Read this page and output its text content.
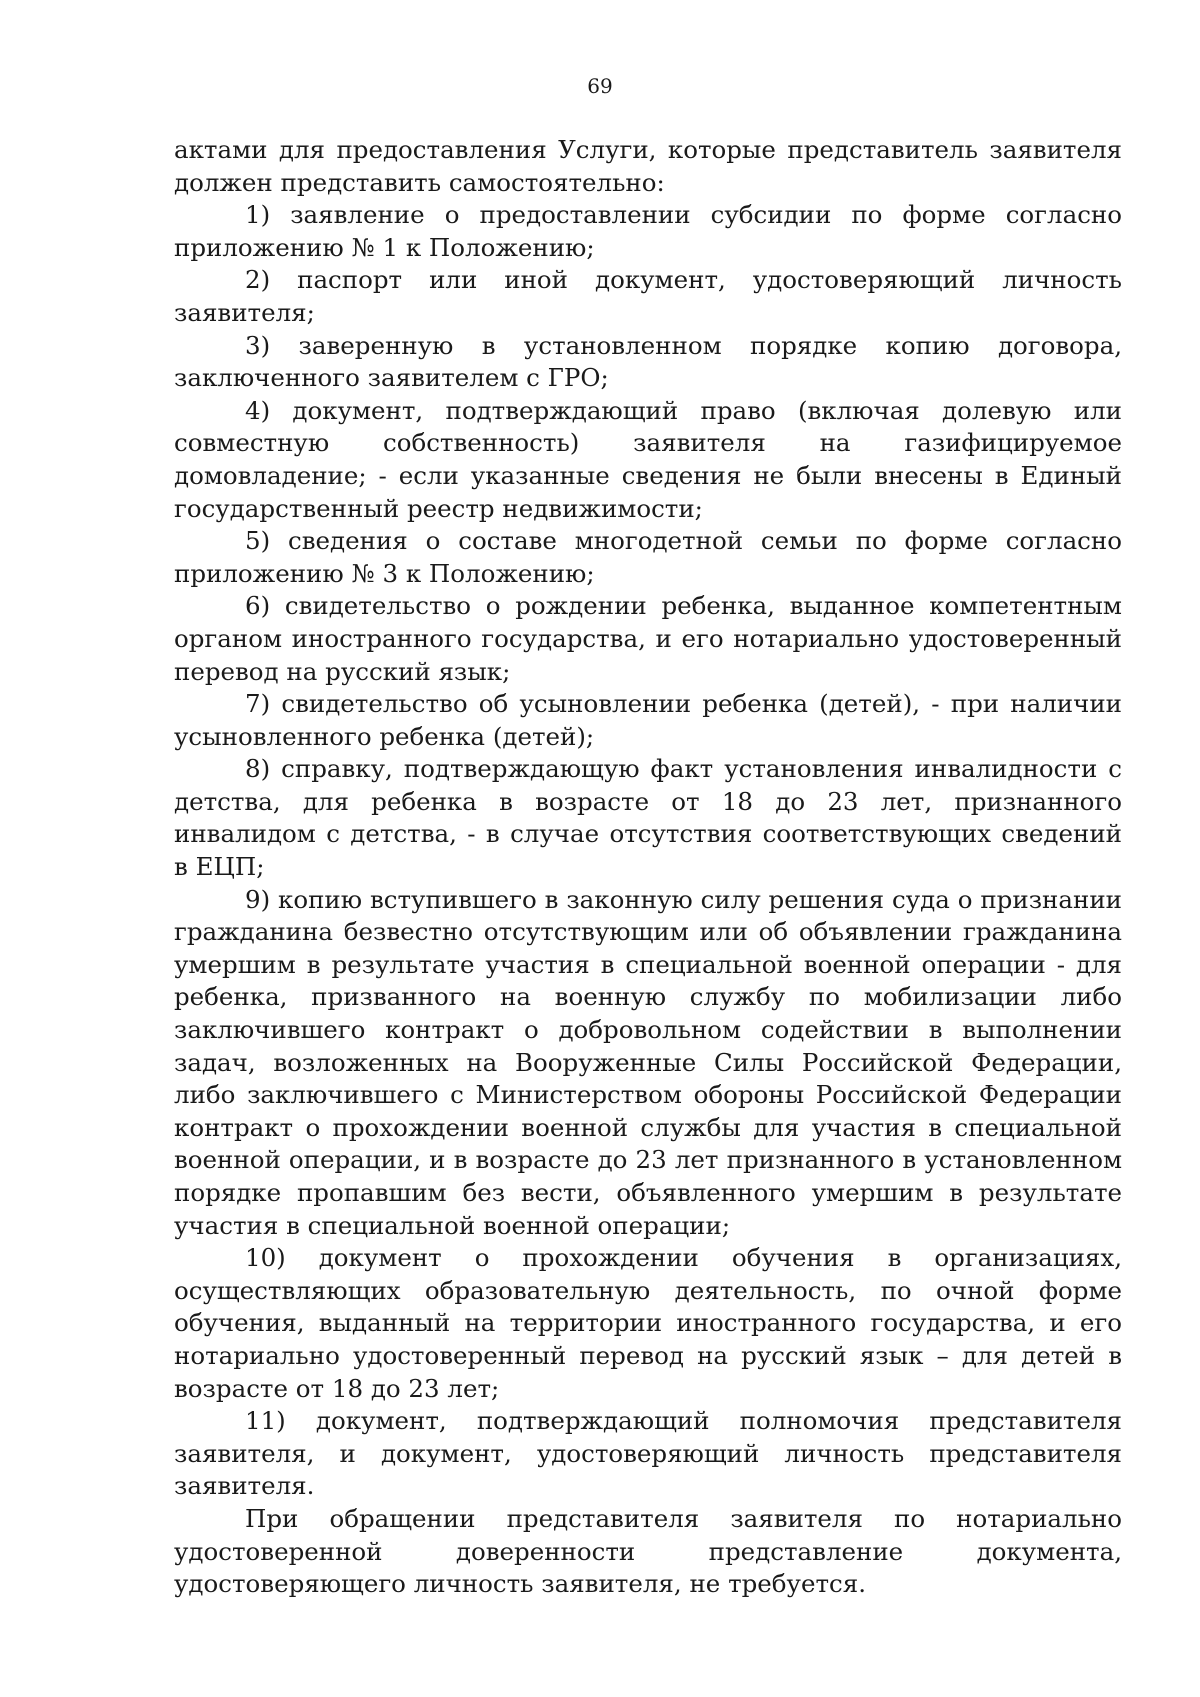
69

актами для предоставления Услуги, которые представитель заявителя должен представить самостоятельно:

1) заявление о предоставлении субсидии по форме согласно приложению № 1 к Положению;

2) паспорт или иной документ, удостоверяющий личность заявителя;

3) заверенную в установленном порядке копию договора, заключенного заявителем с ГРО;

4) документ, подтверждающий право (включая долевую или совместную собственность) заявителя на газифицируемое домовладение; - если указанные сведения не были внесены в Единый государственный реестр недвижимости;

5) сведения о составе многодетной семьи по форме согласно приложению № 3 к Положению;

6) свидетельство о рождении ребенка, выданное компетентным органом иностранного государства, и его нотариально удостоверенный перевод на русский язык;

7) свидетельство об усыновлении ребенка (детей), - при наличии усыновленного ребенка (детей);

8) справку, подтверждающую факт установления инвалидности с детства, для ребенка в возрасте от 18 до 23 лет, признанного инвалидом с детства, - в случае отсутствия соответствующих сведений в ЕЦП;

9) копию вступившего в законную силу решения суда о признании гражданина безвестно отсутствующим или об объявлении гражданина умершим в результате участия в специальной военной операции - для ребенка, призванного на военную службу по мобилизации либо заключившего контракт о добровольном содействии в выполнении задач, возложенных на Вооруженные Силы Российской Федерации, либо заключившего с Министерством обороны Российской Федерации контракт о прохождении военной службы для участия в специальной военной операции, и в возрасте до 23 лет признанного в установленном порядке пропавшим без вести, объявленного умершим в результате участия в специальной военной операции;

10) документ о прохождении обучения в организациях, осуществляющих образовательную деятельность, по очной форме обучения, выданный на территории иностранного государства, и его нотариально удостоверенный перевод на русский язык – для детей в возрасте от 18 до 23 лет;

11) документ, подтверждающий полномочия представителя заявителя, и документ, удостоверяющий личность представителя заявителя.

При обращении представителя заявителя по нотариально удостоверенной доверенности представление документа, удостоверяющего личность заявителя, не требуется.
